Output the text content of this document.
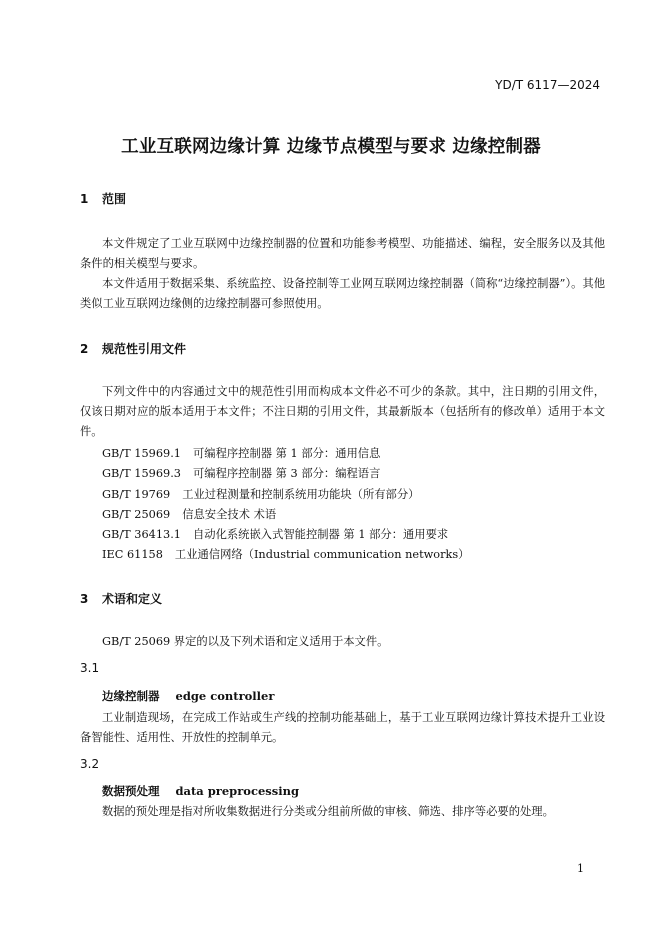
YD/T 6117—2024
工业互联网边缘计算 边缘节点模型与要求 边缘控制器
1 范围
本文件规定了工业互联网中边缘控制器的位置和功能参考模型、功能描述、编程，安全服务以及其他条件的相关模型与要求。
本文件适用于数据采集、系统监控、设备控制等工业网互联网边缘控制器（简称“边缘控制器”）。其他类似工业互联网边缘侧的边缘控制器可参照使用。
2 规范性引用文件
下列文件中的内容通过文中的规范性引用而构成本文件必不可少的条款。其中，注日期的引用文件，仅该日期对应的版本适用于本文件；不注日期的引用文件，其最新版本（包括所有的修改单）适用于本文件。
GB/T 15969.1 可编程序控制器 第 1 部分：通用信息
GB/T 15969.3 可编程序控制器 第 3 部分：编程语言
GB/T 19769 工业过程测量和控制系统用功能块（所有部分）
GB/T 25069 信息安全技术 术语
GB/T 36413.1 自动化系统嵌入式智能控制器 第 1 部分：通用要求
IEC 61158 工业通信网络（Industrial communication networks）
3 术语和定义
GB/T 25069 界定的以及下列术语和定义适用于本文件。
3.1
边缘控制器 edge controller
工业制造现场，在完成工作站或生产线的控制功能基础上，基于工业互联网边缘计算技术提升工业设备智能性、适用性、开放性的控制单元。
3.2
数据预处理 data preprocessing
数据的预处理是指对所收集数据进行分类或分组前所做的审核、筛选、排序等必要的处理。
1
